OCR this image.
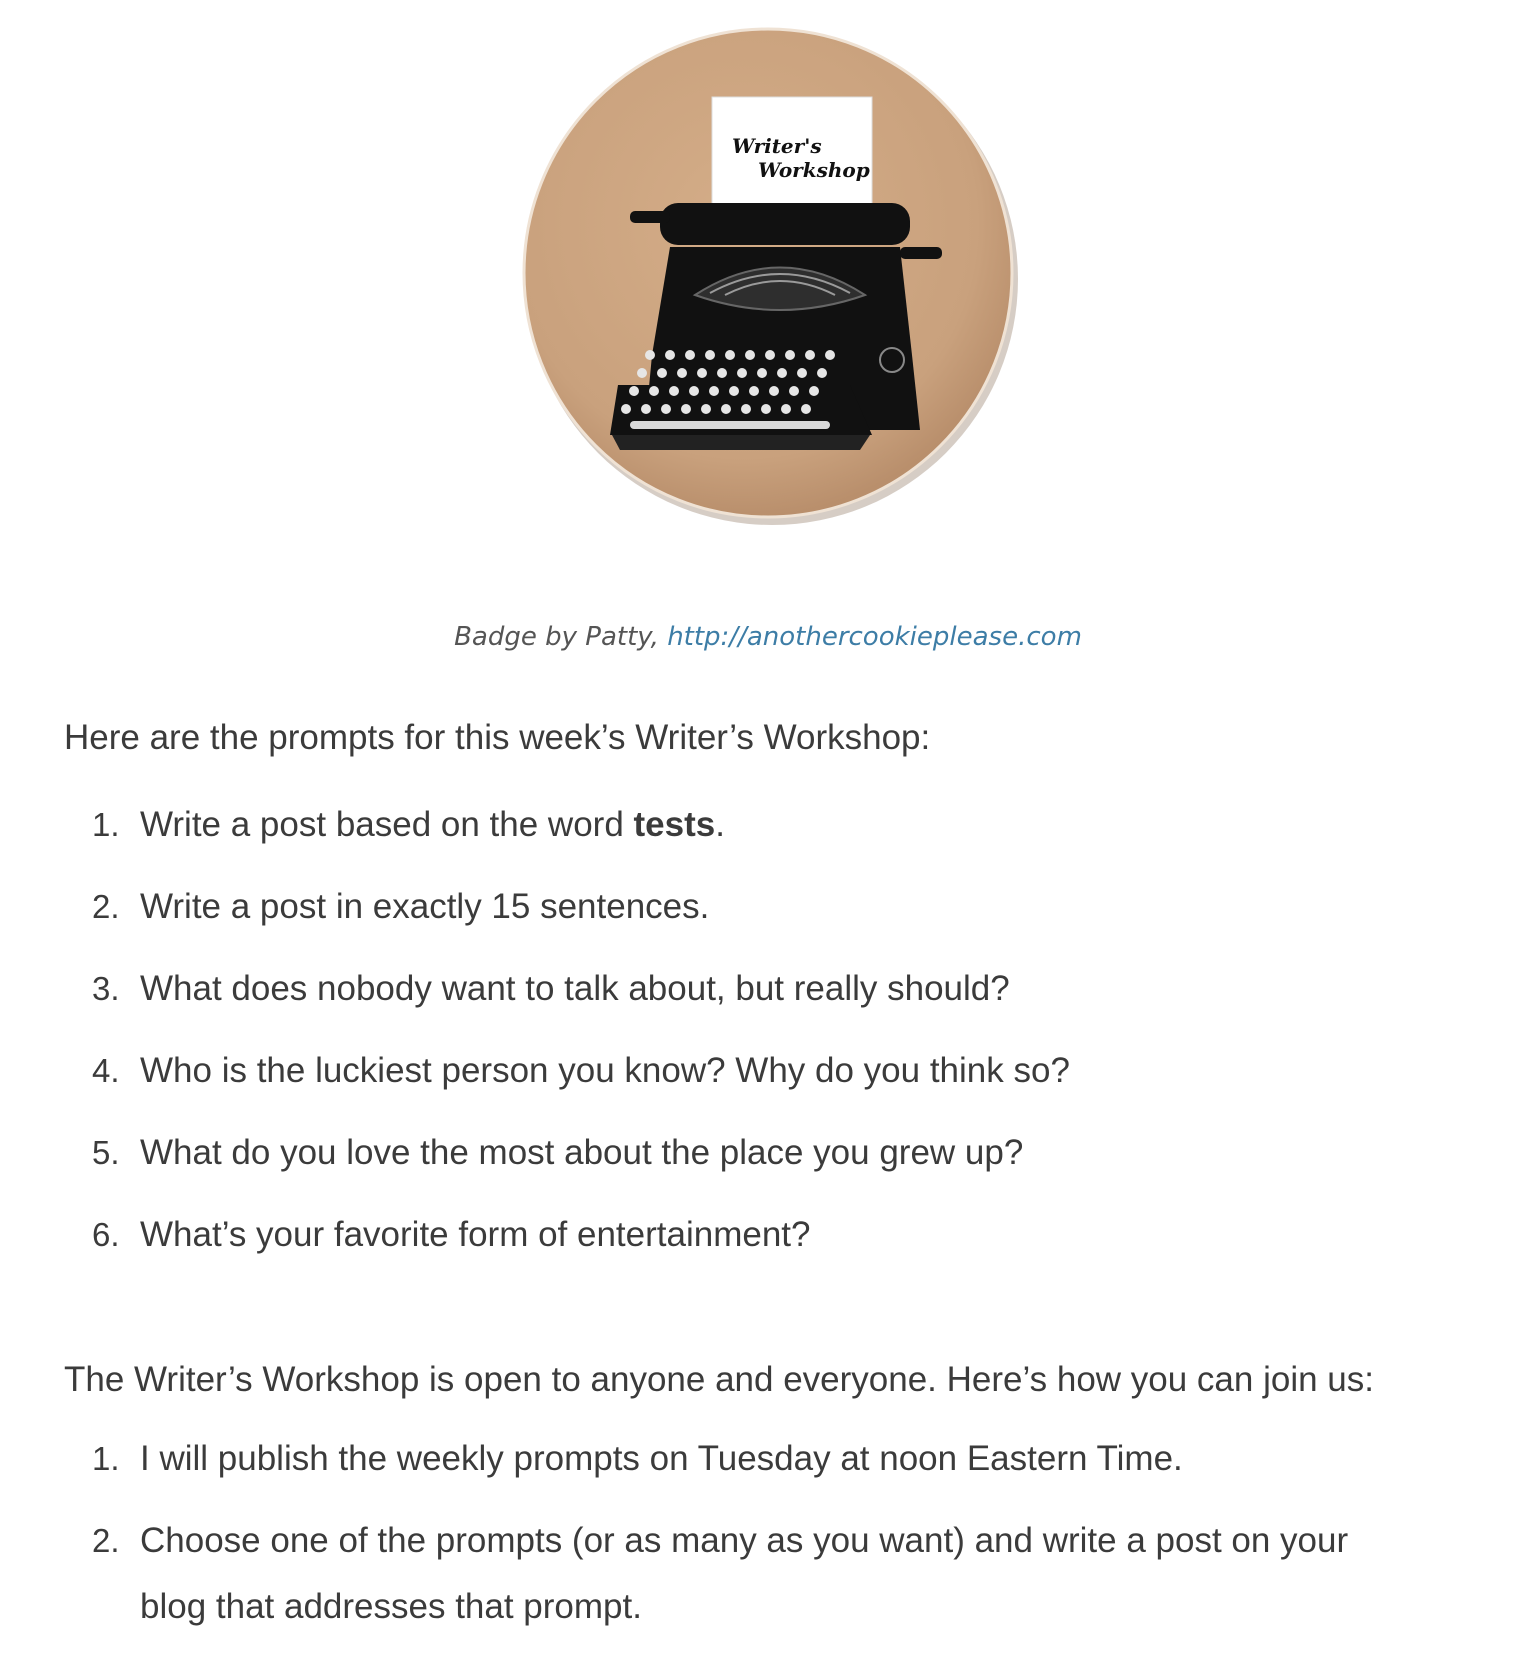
Writer's
Workshop

Badge by Patty, http://anothercookieplease.com

Here are the prompts for this week’s Writer’s Workshop:

1. Write a post based on the word tests.
2. Write a post in exactly 15 sentences.
3. What does nobody want to talk about, but really should?
4. Who is the luckiest person you know? Why do you think so?
5. What do you love the most about the place you grew up?
6. What’s your favorite form of entertainment?

The Writer’s Workshop is open to anyone and everyone. Here’s how you can join us:

1. I will publish the weekly prompts on Tuesday at noon Eastern Time.
2. Choose one of the prompts (or as many as you want) and write a post on your blog that addresses that prompt.
